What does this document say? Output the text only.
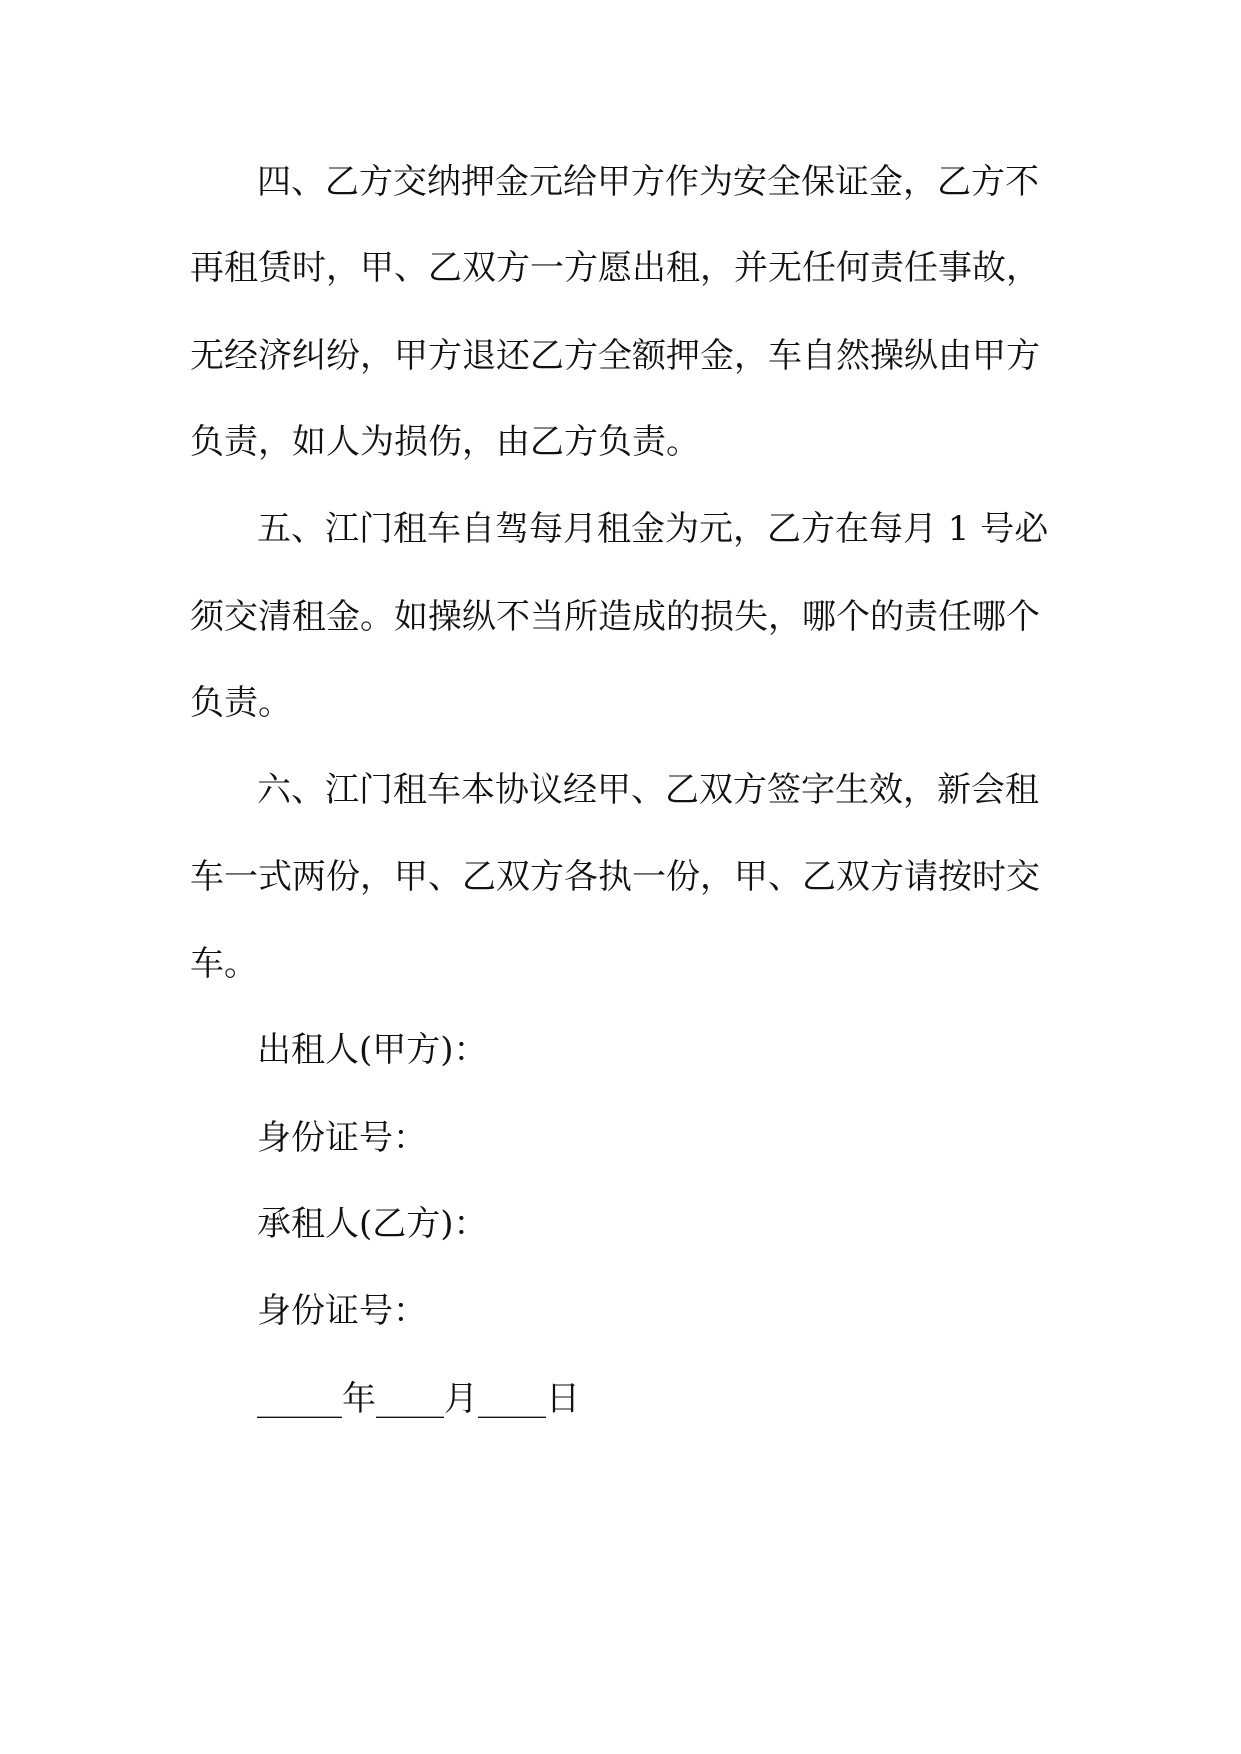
四、乙方交纳押金元给甲方作为安全保证金，乙方不
再租赁时，甲、乙双方一方愿出租，并无任何责任事故，
无经济纠纷，甲方退还乙方全额押金，车自然操纵由甲方
负责，如人为损伤，由乙方负责。
五、江门租车自驾每月租金为元，乙方在每月 1 号必
须交清租金。如操纵不当所造成的损失，哪个的责任哪个
负责。
六、江门租车本协议经甲、乙双方签字生效，新会租
车一式两份，甲、乙双方各执一份，甲、乙双方请按时交
车。
出租人(甲方)：
身份证号：
承租人(乙方)：
身份证号：
_____年____月____日
